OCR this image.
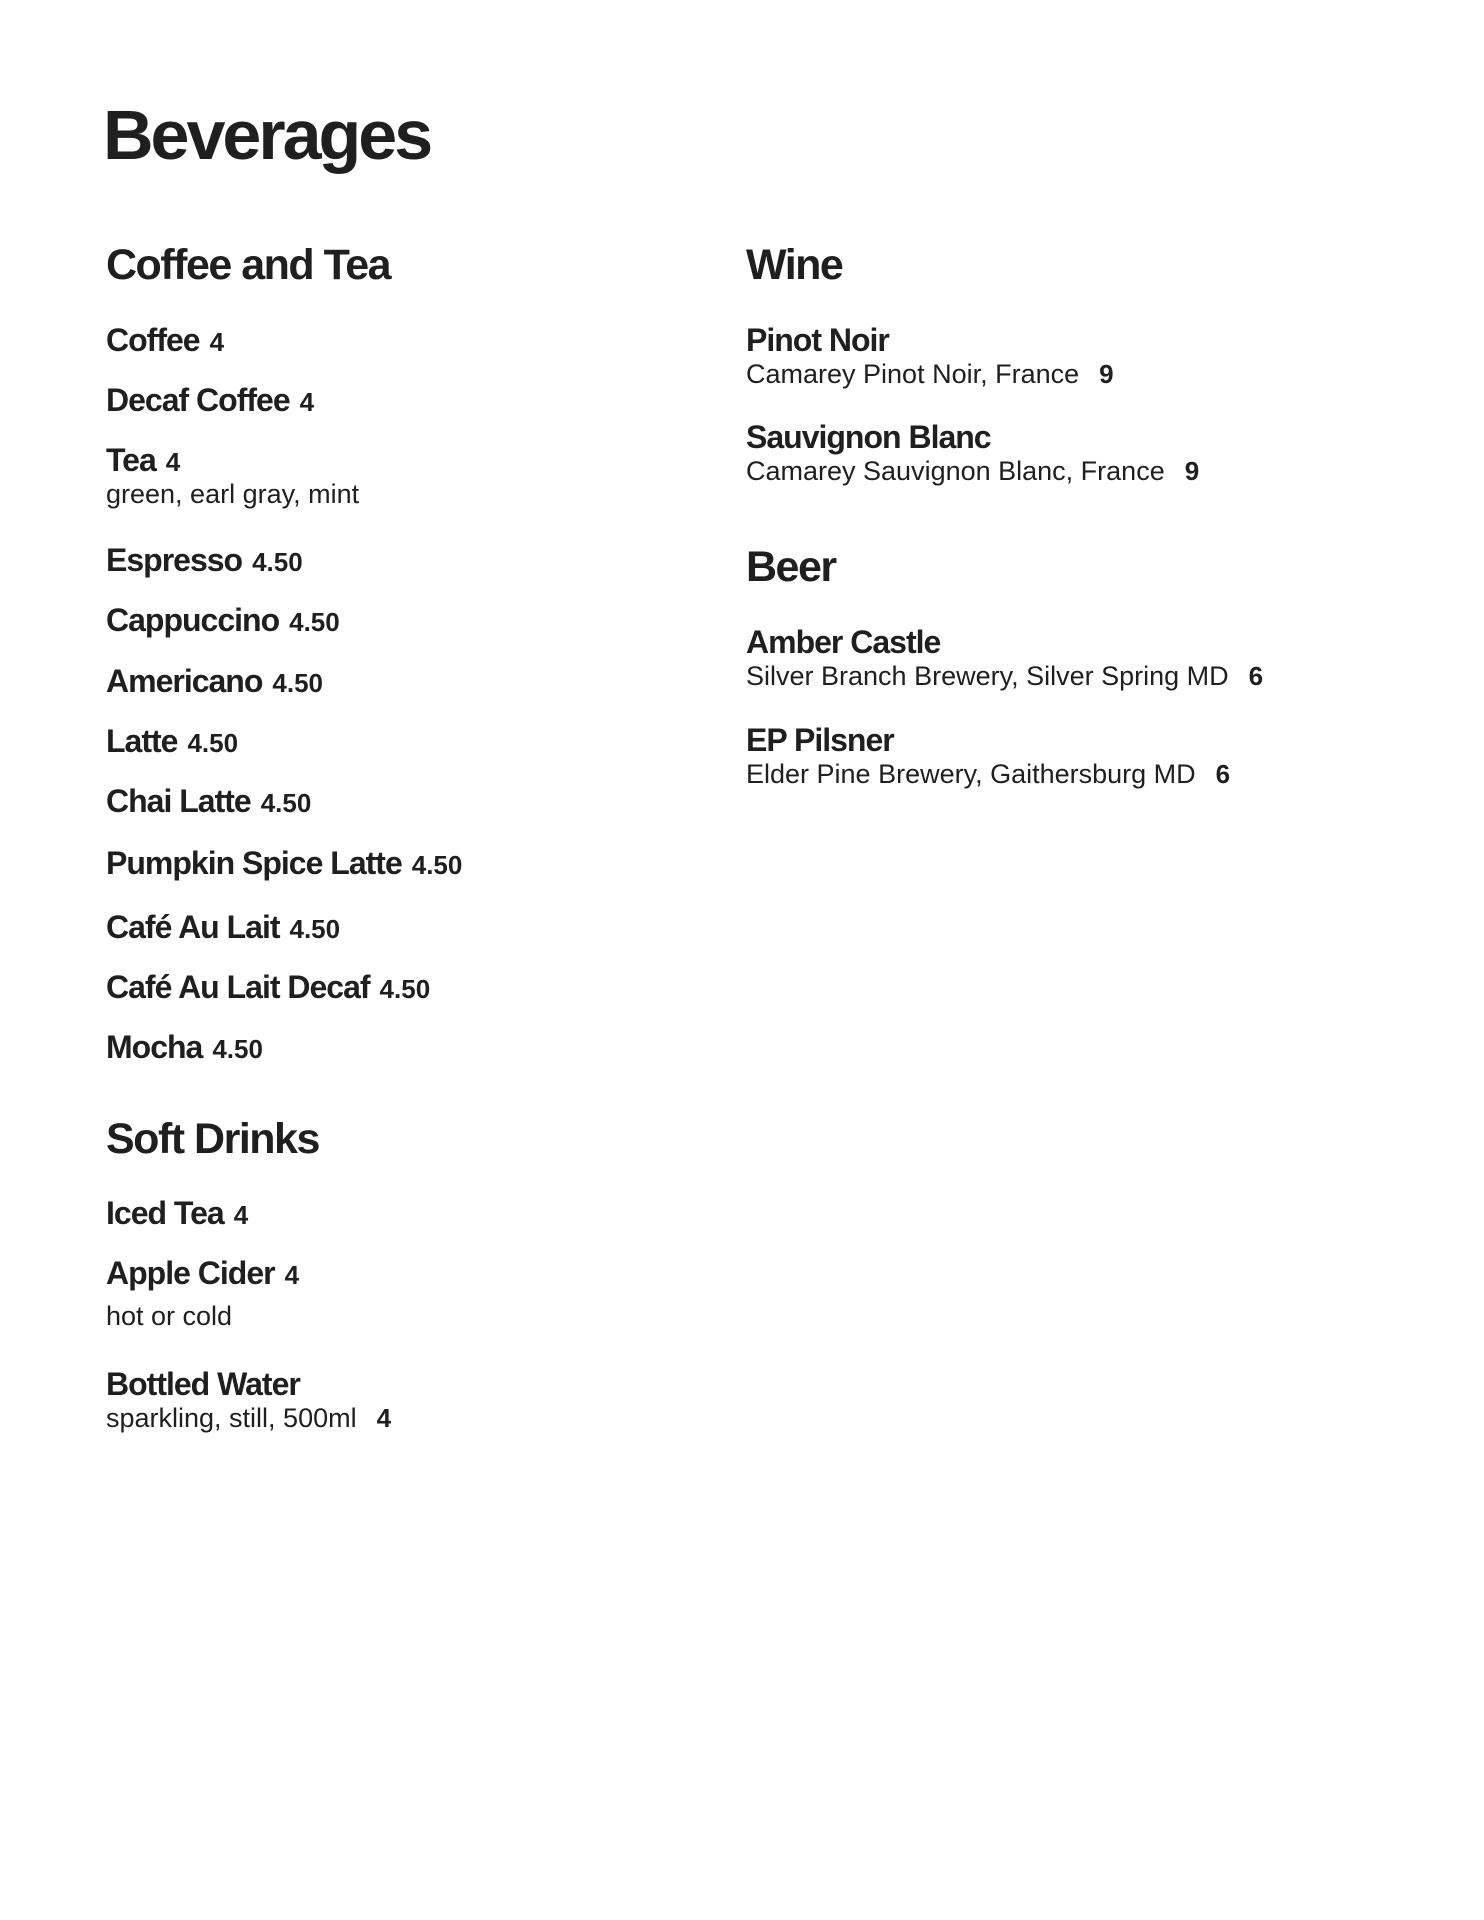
Beverages
Coffee and Tea
Coffee 4
Decaf Coffee 4
Tea 4
green, earl gray, mint
Espresso 4.50
Cappuccino 4.50
Americano 4.50
Latte 4.50
Chai Latte 4.50
Pumpkin Spice Latte 4.50
Café Au Lait 4.50
Café Au Lait Decaf 4.50
Mocha 4.50
Soft Drinks
Iced Tea 4
Apple Cider 4
hot or cold
Bottled Water
sparkling, still, 500ml 4
Wine
Pinot Noir
Camarey Pinot Noir, France 9
Sauvignon Blanc
Camarey Sauvignon Blanc, France 9
Beer
Amber Castle
Silver Branch Brewery, Silver Spring MD 6
EP Pilsner
Elder Pine Brewery, Gaithersburg MD 6
